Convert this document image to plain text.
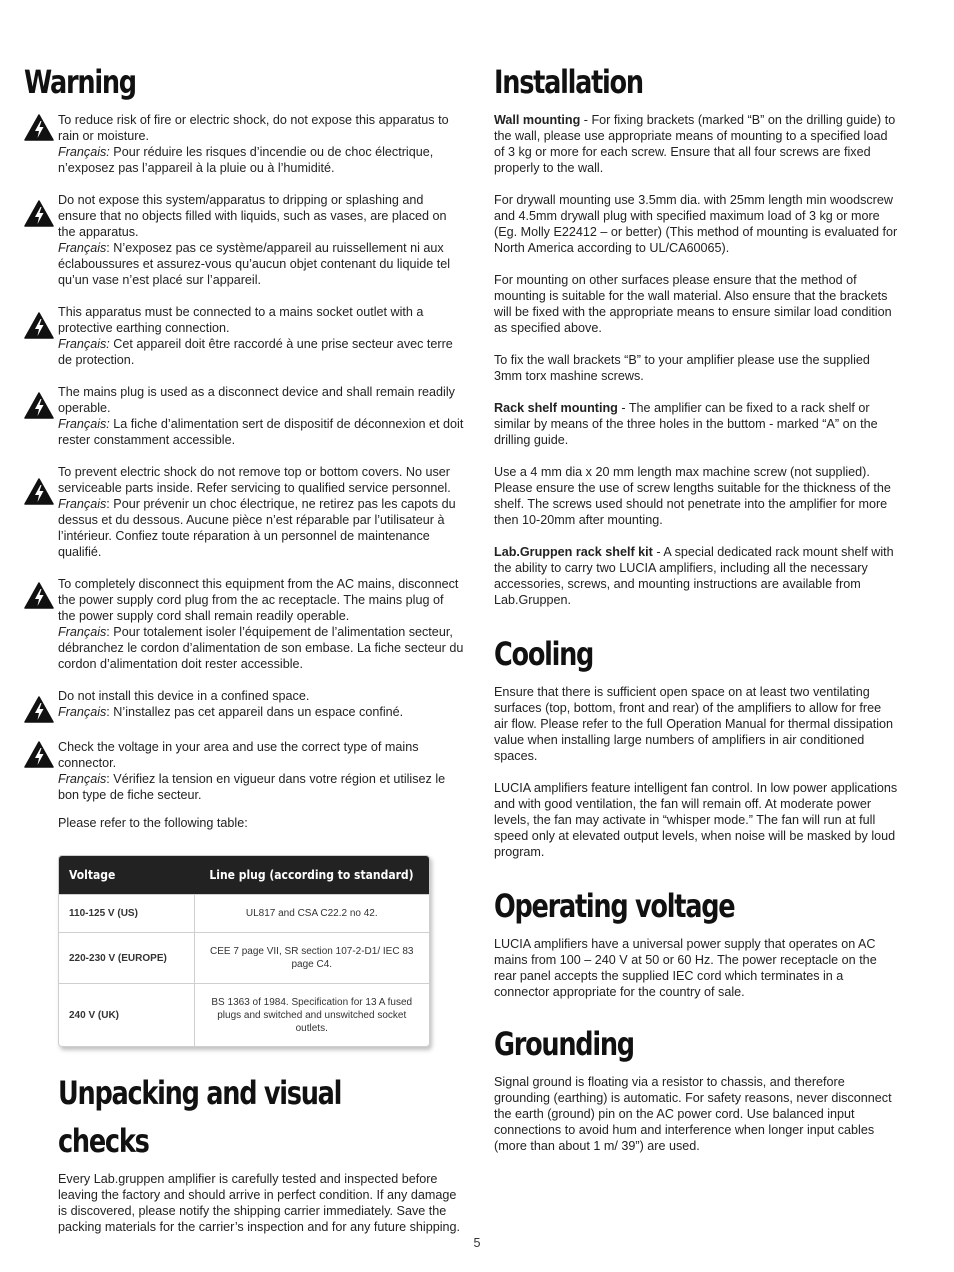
Warning

To reduce risk of fire or electric shock, do not expose this apparatus to rain or moisture.

Français: Pour réduire les risques d’incendie ou de choc électrique, n’exposez pas l’appareil à la pluie ou à l’humidité.

Do not expose this system/apparatus to dripping or splashing and ensure that no objects filled with liquids, such as vases, are placed on the apparatus.

Français: N’exposez pas ce système/appareil au ruissellement ni aux éclaboussures et assurez-vous qu’aucun objet contenant du liquide tel qu’un vase n’est placé sur l’appareil.

This apparatus must be connected to a mains socket outlet with a protective earthing connection.

Français: Cet appareil doit être raccordé à une prise secteur avec terre de protection.

The mains plug is used as a disconnect device and shall remain readily operable.

Français: La fiche d’alimentation sert de dispositif de déconnexion et doit rester constamment accessible.

To prevent electric shock do not remove top or bottom covers. No user serviceable parts inside. Refer servicing to qualified service personnel.

Français: Pour prévenir un choc électrique, ne retirez pas les capots du dessus et du dessous. Aucune pièce n’est réparable par l’utilisateur à l’intérieur. Confiez toute réparation à un personnel de maintenance qualifié.

To completely disconnect this equipment from the AC mains, disconnect the power supply cord plug from the ac receptacle. The mains plug of the power supply cord shall remain readily operable.

Français: Pour totalement isoler l’équipement de l’alimentation secteur, débranchez le cordon d’alimentation de son embase. La fiche secteur du cordon d’alimentation doit rester accessible.

Do not install this device in a confined space.

Français: N’installez pas cet appareil dans un espace confiné.

Check the voltage in your area and use the correct type of mains connector.

Français: Vérifiez la tension en vigueur dans votre région et utilisez le bon type de fiche secteur.

Please refer to the following table:

Voltage	Line plug (according to standard)
110-125 V (US)	UL817 and CSA C22.2 no 42.
220-230 V (EUROPE)	CEE 7 page VII, SR section 107-2-D1/ IEC 83 page C4.
240 V (UK)	BS 1363 of 1984. Specification for 13 A fused plugs and switched and unswitched socket outlets.
Unpacking and visual checks

Every Lab.gruppen amplifier is carefully tested and inspected before leaving the factory and should arrive in perfect condition. If any damage is discovered, please notify the shipping carrier immediately. Save the packing materials for the carrier’s inspection and for any future shipping.

Installation

Wall mounting - For fixing brackets (marked “B” on the drilling guide) to the wall, please use appropriate means of mounting to a specified load of 3 kg or more for each screw. Ensure that all four screws are fixed properly to the wall.

For drywall mounting use 3.5mm dia. with 25mm length min woodscrew and 4.5mm drywall plug with specified maximum load of 3 kg or more (Eg. Molly E22412 – or better) (This method of mounting is evaluated for North America according to UL/CA60065).

For mounting on other surfaces please ensure that the method of mounting is suitable for the wall material. Also ensure that the brackets will be fixed with the appropriate means to ensure similar load condition as specified above.

To fix the wall brackets “B” to your amplifier please use the supplied 3mm torx mashine screws.

Rack shelf mounting - The amplifier can be fixed to a rack shelf or similar by means of the three holes in the buttom - marked “A” on the drilling guide.

Use a 4 mm dia x 20 mm length max machine screw (not supplied). Please ensure the use of screw lengths suitable for the thickness of the shelf. The screws used should not penetrate into the amplifier for more then 10-20mm after mounting.

Lab.Gruppen rack shelf kit - A special dedicated rack mount shelf with the ability to carry two LUCIA amplifiers, including all the necessary accessories, screws, and mounting instructions are available from Lab.Gruppen.

Cooling

Ensure that there is sufficient open space on at least two ventilating surfaces (top, bottom, front and rear) of the amplifiers to allow for free air flow. Please refer to the full Operation Manual for thermal dissipation value when installing large numbers of amplifiers in air conditioned spaces.

LUCIA amplifiers feature intelligent fan control. In low power applications and with good ventilation, the fan will remain off. At moderate power levels, the fan may activate in “whisper mode.” The fan will run at full speed only at elevated output levels, when noise will be masked by loud program.

Operating voltage

LUCIA amplifiers have a universal power supply that operates on AC mains from 100 – 240 V at 50 or 60 Hz. The power receptacle on the rear panel accepts the supplied IEC cord which terminates in a connector appropriate for the country of sale.

Grounding

Signal ground is floating via a resistor to chassis, and therefore grounding (earthing) is automatic. For safety reasons, never disconnect the earth (ground) pin on the AC power cord. Use balanced input connections to avoid hum and interference when longer input cables (more than about 1 m/ 39”) are used.

5
